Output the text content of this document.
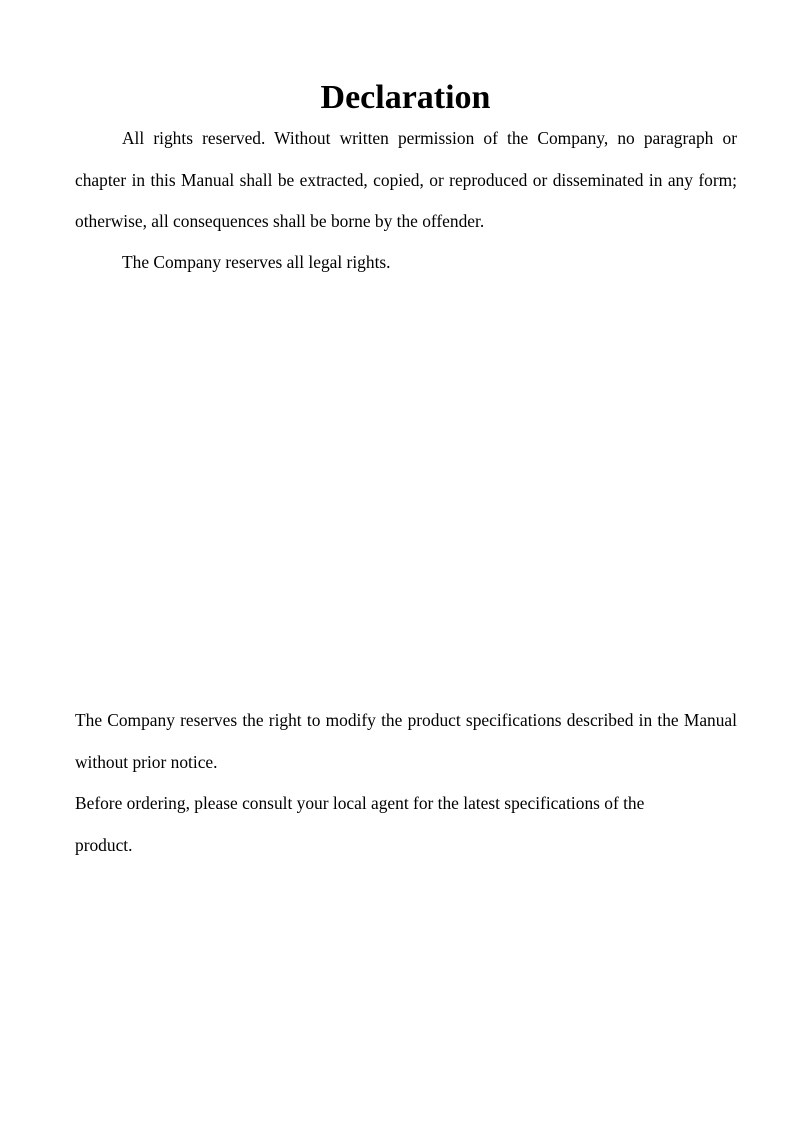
Declaration

All rights reserved. Without written permission of the Company, no paragraph or chapter in this Manual shall be extracted, copied, or reproduced or disseminated in any form; otherwise, all consequences shall be borne by the offender.

The Company reserves all legal rights.

The Company reserves the right to modify the product specifications described in the Manual without prior notice.

Before ordering, please consult your local agent for the latest specifications of the product.
